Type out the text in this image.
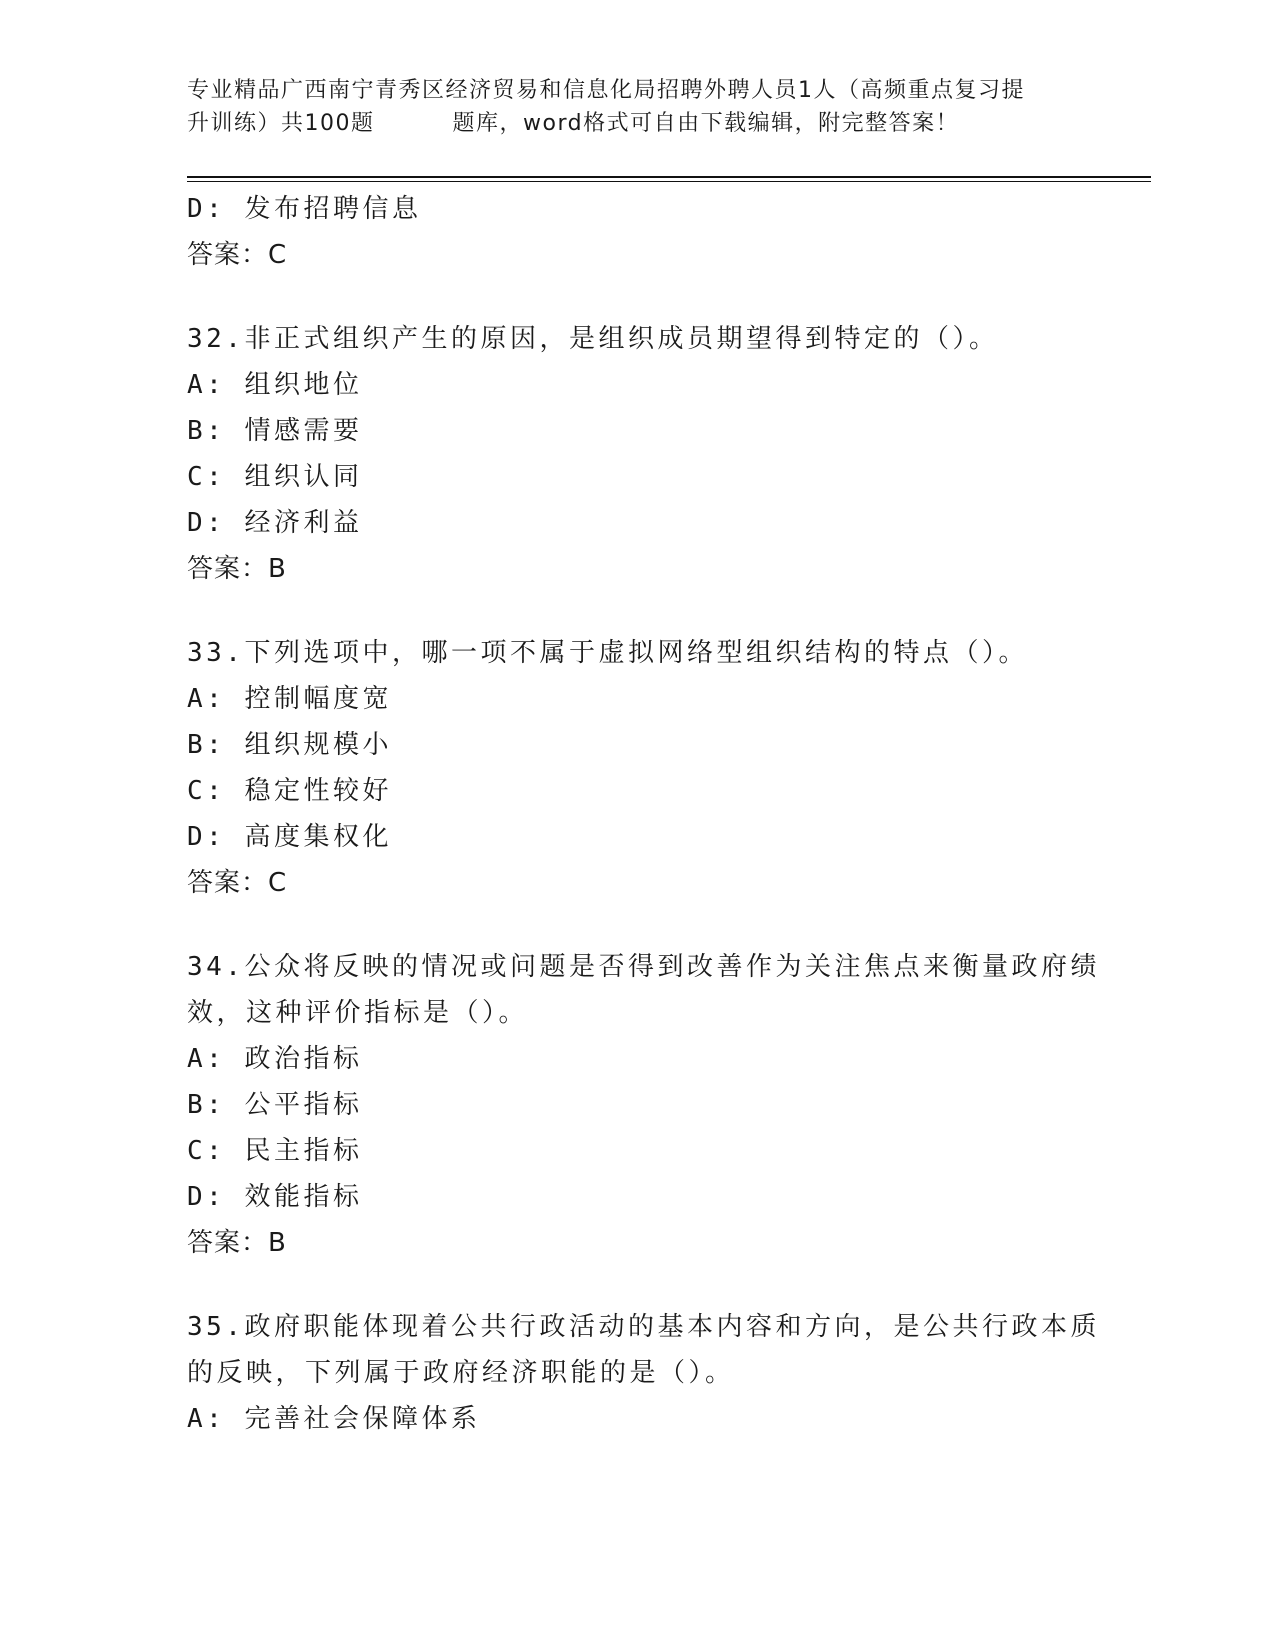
专业精品广西南宁青秀区经济贸易和信息化局招聘外聘人员1人（高频重点复习提
升训练）共100题	题库，word格式可自由下载编辑，附完整答案！
D: 发布招聘信息
答案：C
32.非正式组织产生的原因，是组织成员期望得到特定的（）。
A: 组织地位
B: 情感需要
C: 组织认同
D: 经济利益
答案：B
33.下列选项中，哪一项不属于虚拟网络型组织结构的特点（）。
A: 控制幅度宽
B: 组织规模小
C: 稳定性较好
D: 高度集权化
答案：C
34.公众将反映的情况或问题是否得到改善作为关注焦点来衡量政府绩
效，这种评价指标是（）。
A: 政治指标
B: 公平指标
C: 民主指标
D: 效能指标
答案：B
35.政府职能体现着公共行政活动的基本内容和方向，是公共行政本质
的反映，下列属于政府经济职能的是（）。
A: 完善社会保障体系
